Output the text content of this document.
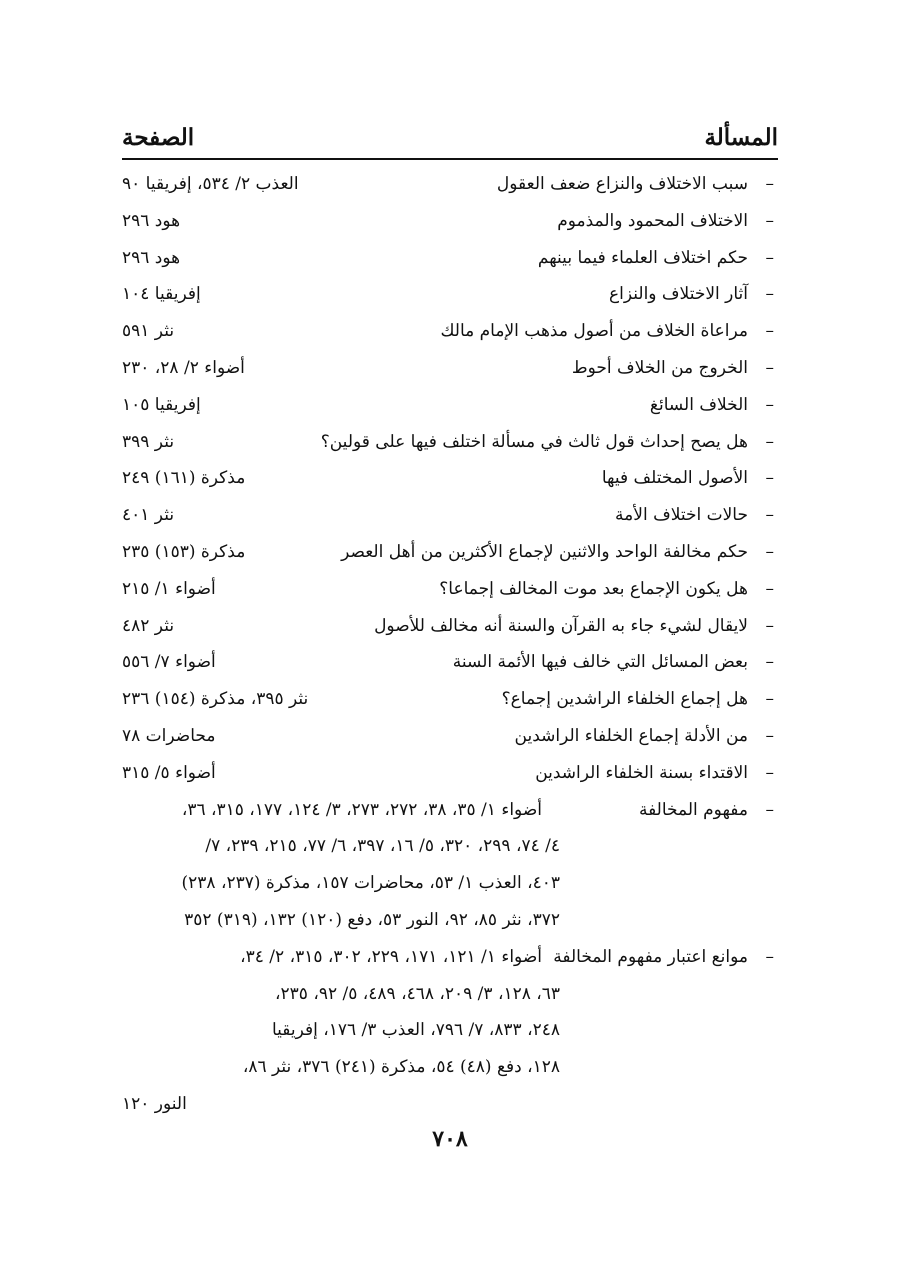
المسألة
الصفحة
–
سبب الاختلاف والنزاع ضعف العقول
العذب ٢/ ٥٣٤، إفريقيا ٩٠
–
الاختلاف المحمود والمذموم
هود ٢٩٦
–
حكم اختلاف العلماء فيما بينهم
هود ٢٩٦
–
آثار الاختلاف والنزاع
إفريقيا ١٠٤
–
مراعاة الخلاف من أصول مذهب الإمام مالك
نثر ٥٩١
–
الخروج من الخلاف أحوط
أضواء ٢/ ٢٨، ٢٣٠
–
الخلاف السائغ
إفريقيا ١٠٥
–
هل يصح إحداث قول ثالث في مسألة اختلف فيها على قولين؟
نثر ٣٩٩
–
الأصول المختلف فيها
مذكرة (١٦١) ٢٤٩
–
حالات اختلاف الأمة
نثر ٤٠١
–
حكم مخالفة الواحد والاثنين لإجماع الأكثرين من أهل العصر
مذكرة (١٥٣) ٢٣٥
–
هل يكون الإجماع بعد موت المخالف إجماعا؟
أضواء ١/ ٢١٥
–
لايقال لشيء جاء به القرآن والسنة أنه مخالف للأصول
نثر ٤٨٢
–
بعض المسائل التي خالف فيها الأئمة السنة
أضواء ٧/ ٥٥٦
–
هل إجماع الخلفاء الراشدين إجماع؟
نثر ٣٩٥، مذكرة (١٥٤) ٢٣٦
–
من الأدلة إجماع الخلفاء الراشدين
محاضرات ٧٨
–
الاقتداء بسنة الخلفاء الراشدين
أضواء ٥/ ٣١٥
–
مفهوم المخالفة
أضواء ١/ ٣٥، ٣٨، ٢٧٢، ٢٧٣، ٣/ ١٢٤، ١٧٧، ٣١٥، ٣٦،
٤/ ٧٤، ٢٩٩، ٣٢٠، ٥/ ١٦، ٣٩٧، ٦/ ٧٧، ٢١٥، ٢٣٩، ٧/
٤٠٣، العذب ١/ ٥٣، محاضرات ١٥٧، مذكرة (٢٣٧، ٢٣٨)
٣٧٢، نثر ٨٥، ٩٢، النور ٥٣، دفع (١٢٠) ١٣٢، (٣١٩) ٣٥٢
–
موانع اعتبار مفهوم المخالفة
أضواء ١/ ١٢١، ١٧١، ٢٢٩، ٣٠٢، ٣١٥، ٢/ ٣٤،
٦٣، ١٢٨، ٣/ ٢٠٩، ٤٦٨، ٤٨٩، ٥/ ٩٢، ٢٣٥،
٢٤٨، ٨٣٣، ٧/ ٧٩٦، العذب ٣/ ١٧٦، إفريقيا
١٢٨، دفع (٤٨) ٥٤، مذكرة (٢٤١) ٣٧٦، نثر ٨٦،
النور ١٢٠
٧٠٨
